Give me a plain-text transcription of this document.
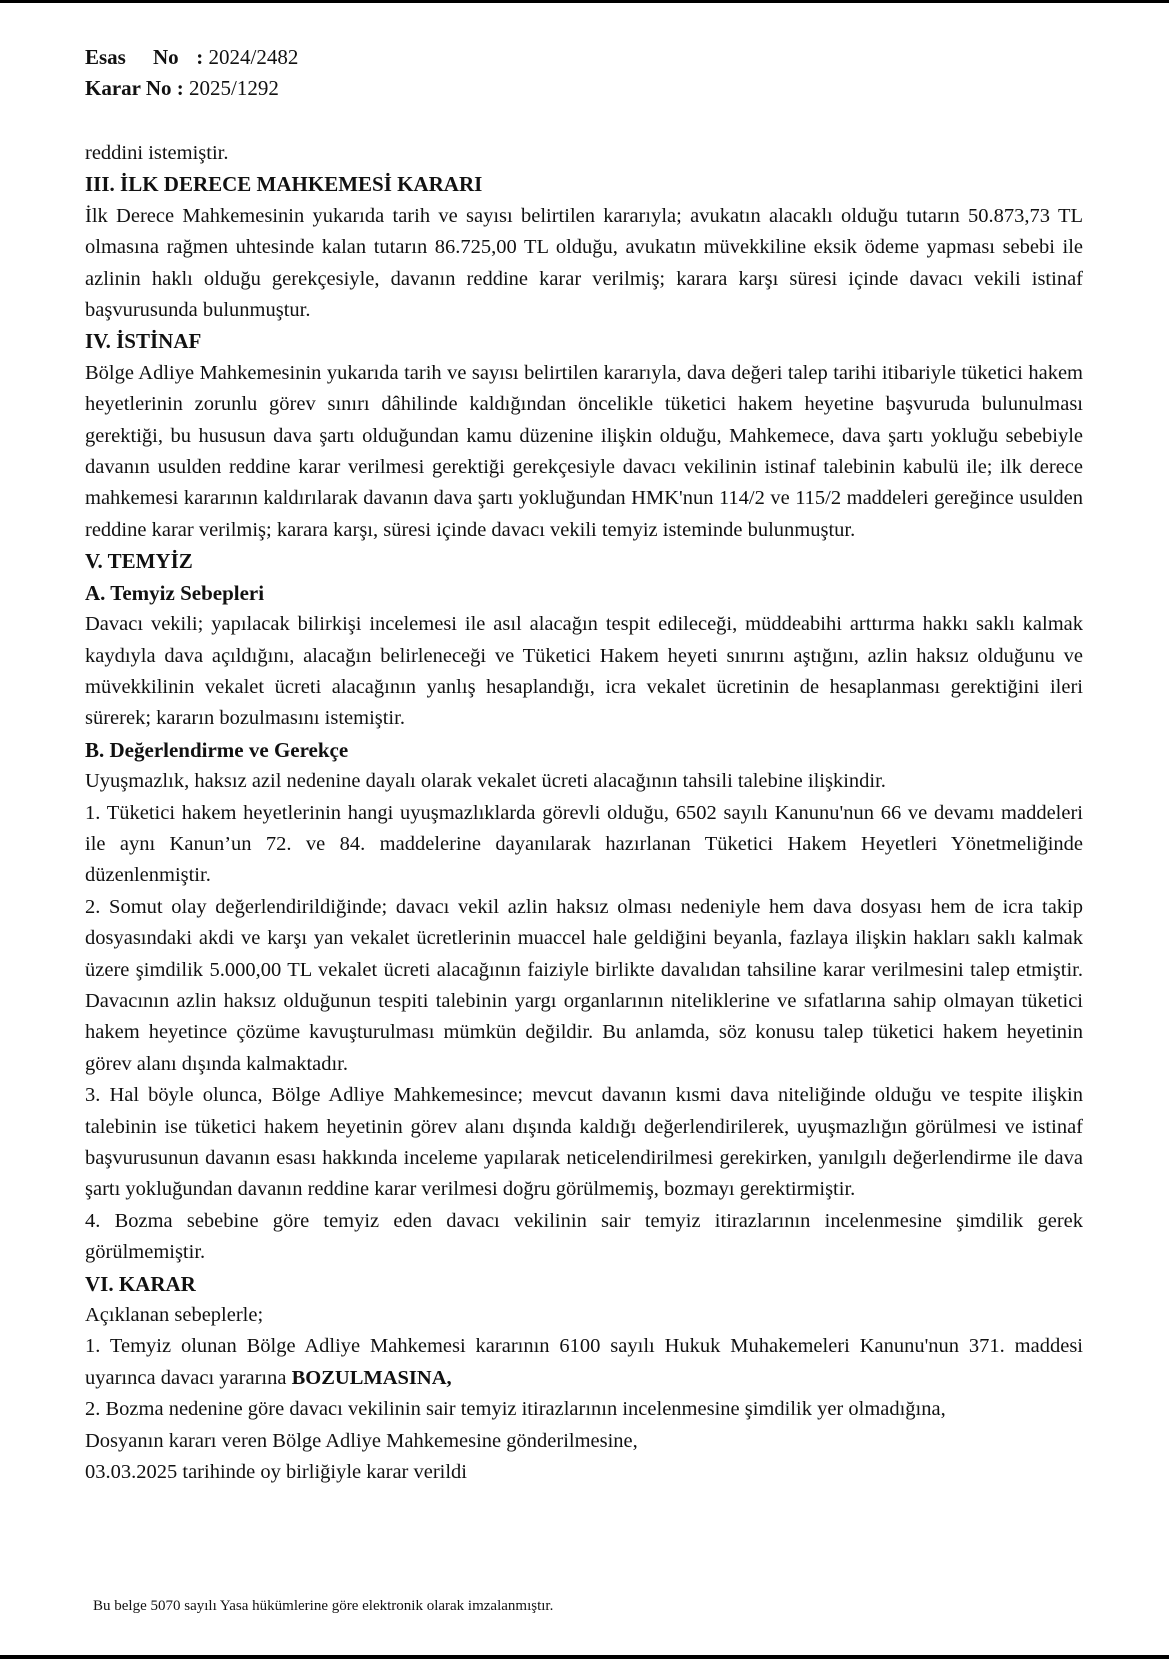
Esas No : 2024/2482
Karar No : 2025/1292

reddini istemiştir.

III. İLK DERECE MAHKEMESİ KARARI

İlk Derece Mahkemesinin yukarıda tarih ve sayısı belirtilen kararıyla; avukatın alacaklı olduğu tutarın 50.873,73 TL olmasına rağmen uhtesinde kalan tutarın 86.725,00 TL olduğu, avukatın müvekkiline eksik ödeme yapması sebebi ile azlinin haklı olduğu gerekçesiyle, davanın reddine karar verilmiş; karara karşı süresi içinde davacı vekili istinaf başvurusunda bulunmuştur.

IV. İSTİNAF

Bölge Adliye Mahkemesinin yukarıda tarih ve sayısı belirtilen kararıyla, dava değeri talep tarihi itibariyle tüketici hakem heyetlerinin zorunlu görev sınırı dâhilinde kaldığından öncelikle tüketici hakem heyetine başvuruda bulunulması gerektiği, bu hususun dava şartı olduğundan kamu düzenine ilişkin olduğu, Mahkemece, dava şartı yokluğu sebebiyle davanın usulden reddine karar verilmesi gerektiği gerekçesiyle davacı vekilinin istinaf talebinin kabulü ile; ilk derece mahkemesi kararının kaldırılarak davanın dava şartı yokluğundan HMK'nun 114/2 ve 115/2 maddeleri gereğince usulden reddine karar verilmiş; karara karşı, süresi içinde davacı vekili temyiz isteminde bulunmuştur.

V. TEMYİZ

A. Temyiz Sebepleri

Davacı vekili; yapılacak bilirkişi incelemesi ile asıl alacağın tespit edileceği, müddeabihi arttırma hakkı saklı kalmak kaydıyla dava açıldığını, alacağın belirleneceği ve Tüketici Hakem heyeti sınırını aştığını, azlin haksız olduğunu ve müvekkilinin vekalet ücreti alacağının yanlış hesaplandığı, icra vekalet ücretinin de hesaplanması gerektiğini ileri sürerek; kararın bozulmasını istemiştir.

B. Değerlendirme ve Gerekçe

Uyuşmazlık, haksız azil nedenine dayalı olarak vekalet ücreti alacağının tahsili talebine ilişkindir.

1. Tüketici hakem heyetlerinin hangi uyuşmazlıklarda görevli olduğu, 6502 sayılı Kanunu'nun 66 ve devamı maddeleri ile aynı Kanun’un 72. ve 84. maddelerine dayanılarak hazırlanan Tüketici Hakem Heyetleri Yönetmeliğinde düzenlenmiştir.

2. Somut olay değerlendirildiğinde; davacı vekil azlin haksız olması nedeniyle hem dava dosyası hem de icra takip dosyasındaki akdi ve karşı yan vekalet ücretlerinin muaccel hale geldiğini beyanla, fazlaya ilişkin hakları saklı kalmak üzere şimdilik 5.000,00 TL vekalet ücreti alacağının faiziyle birlikte davalıdan tahsiline karar verilmesini talep etmiştir. Davacının azlin haksız olduğunun tespiti talebinin yargı organlarının niteliklerine ve sıfatlarına sahip olmayan tüketici hakem heyetince çözüme kavuşturulması mümkün değildir. Bu anlamda, söz konusu talep tüketici hakem heyetinin görev alanı dışında kalmaktadır.

3. Hal böyle olunca, Bölge Adliye Mahkemesince; mevcut davanın kısmi dava niteliğinde olduğu ve tespite ilişkin talebinin ise tüketici hakem heyetinin görev alanı dışında kaldığı değerlendirilerek, uyuşmazlığın görülmesi ve istinaf başvurusunun davanın esası hakkında inceleme yapılarak neticelendirilmesi gerekirken, yanılgılı değerlendirme ile dava şartı yokluğundan davanın reddine karar verilmesi doğru görülmemiş, bozmayı gerektirmiştir.

4. Bozma sebebine göre temyiz eden davacı vekilinin sair temyiz itirazlarının incelenmesine şimdilik gerek görülmemiştir.

VI. KARAR

Açıklanan sebeplerle;

1. Temyiz olunan Bölge Adliye Mahkemesi kararının 6100 sayılı Hukuk Muhakemeleri Kanunu'nun 371. maddesi uyarınca davacı yararına BOZULMASINA,

2. Bozma nedenine göre davacı vekilinin sair temyiz itirazlarının incelenmesine şimdilik yer olmadığına,

Dosyanın kararı veren Bölge Adliye Mahkemesine gönderilmesine,

03.03.2025 tarihinde oy birliğiyle karar verildi

Bu belge 5070 sayılı Yasa hükümlerine göre elektronik olarak imzalanmıştır.
